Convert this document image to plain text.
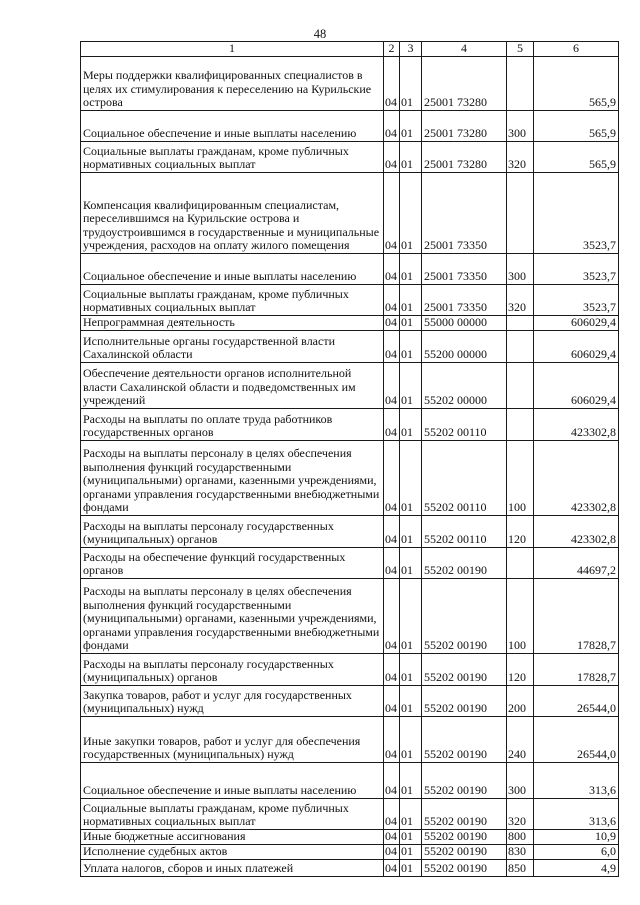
48
1	2	3	4	5	6
Меры поддержки квалифицированных специалистов в целях их стимулирования к переселению на Курильские острова	04	01	25001 73280		565,9
Социальное обеспечение и иные выплаты населению	04	01	25001 73280	300	565,9
Социальные выплаты гражданам, кроме публичных нормативных социальных выплат	04	01	25001 73280	320	565,9
Компенсация квалифицированным специалистам, переселившимся на Курильские острова и трудоустроившимся в государственные и муниципальные учреждения, расходов на оплату жилого помещения	04	01	25001 73350		3523,7
Социальное обеспечение и иные выплаты населению	04	01	25001 73350	300	3523,7
Социальные выплаты гражданам, кроме публичных нормативных социальных выплат	04	01	25001 73350	320	3523,7
Непрограммная деятельность	04	01	55000 00000		606029,4
Исполнительные органы государственной власти Сахалинской области	04	01	55200 00000		606029,4
Обеспечение деятельности органов исполнительной власти Сахалинской области и подведомственных им учреждений	04	01	55202 00000		606029,4
Расходы на выплаты по оплате труда работников государственных органов	04	01	55202 00110		423302,8
Расходы на выплаты персоналу в целях обеспечения выполнения функций государственными (муниципальными) органами, казенными учреждениями, органами управления государственными внебюджетными фондами	04	01	55202 00110	100	423302,8
Расходы на выплаты персоналу государственных (муниципальных) органов	04	01	55202 00110	120	423302,8
Расходы на обеспечение функций государственных органов	04	01	55202 00190		44697,2
Расходы на выплаты персоналу в целях обеспечения выполнения функций государственными (муниципальными) органами, казенными учреждениями, органами управления государственными внебюджетными фондами	04	01	55202 00190	100	17828,7
Расходы на выплаты персоналу государственных (муниципальных) органов	04	01	55202 00190	120	17828,7
Закупка товаров, работ и услуг для государственных (муниципальных) нужд	04	01	55202 00190	200	26544,0
Иные закупки товаров, работ и услуг для обеспечения государственных (муниципальных) нужд	04	01	55202 00190	240	26544,0
Социальное обеспечение и иные выплаты населению	04	01	55202 00190	300	313,6
Социальные выплаты гражданам, кроме публичных нормативных социальных выплат	04	01	55202 00190	320	313,6
Иные бюджетные ассигнования	04	01	55202 00190	800	10,9
Исполнение судебных актов	04	01	55202 00190	830	6,0
Уплата налогов, сборов и иных платежей	04	01	55202 00190	850	4,9
